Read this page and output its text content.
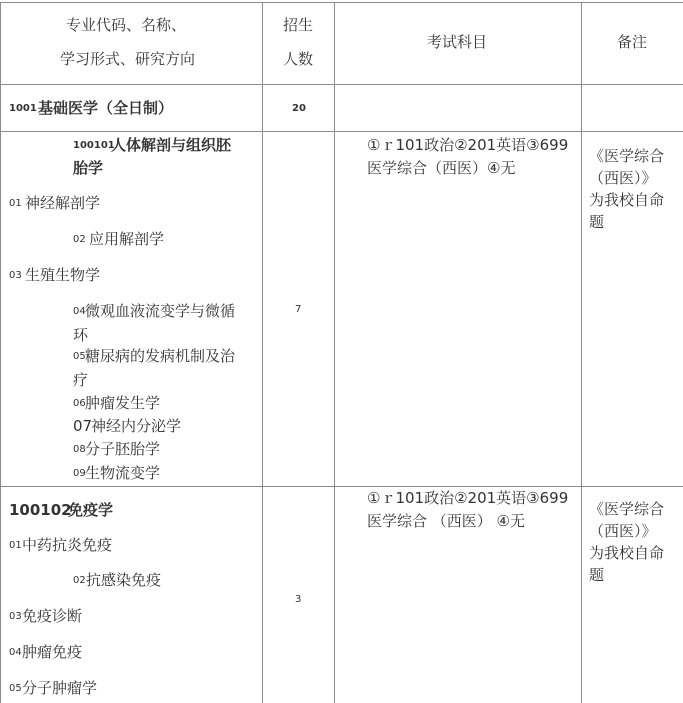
专业代码、名称、
学习形式、研究方向
招生
人数
考试科目	备注
1001 基础医学（全日制）	20
100101
人体解剖与组织胚
胎学
01 神经解剖学
02 应用解剖学
03 生殖生物学
04 微观血液流变学与微循
环
05 糖尿病的发病机制及治
疗
06 肿瘤发生学
07
神经内分泌学
08 分子胚胎学
09 生物流变学
7
①ｒ101政治②201英语③699
医学综合（西医）④无
《医学综合
（西医）》
为我校自命
题
100102
免疫学
01 中药抗炎免疫
02 抗感染免疫
03 免疫诊断
04 肿瘤免疫
05 分子肿瘤学
3
①ｒ101政治②201英语③699
医学综合 （西医） ④无
《医学综合
（西医）》
为我校自命
题
